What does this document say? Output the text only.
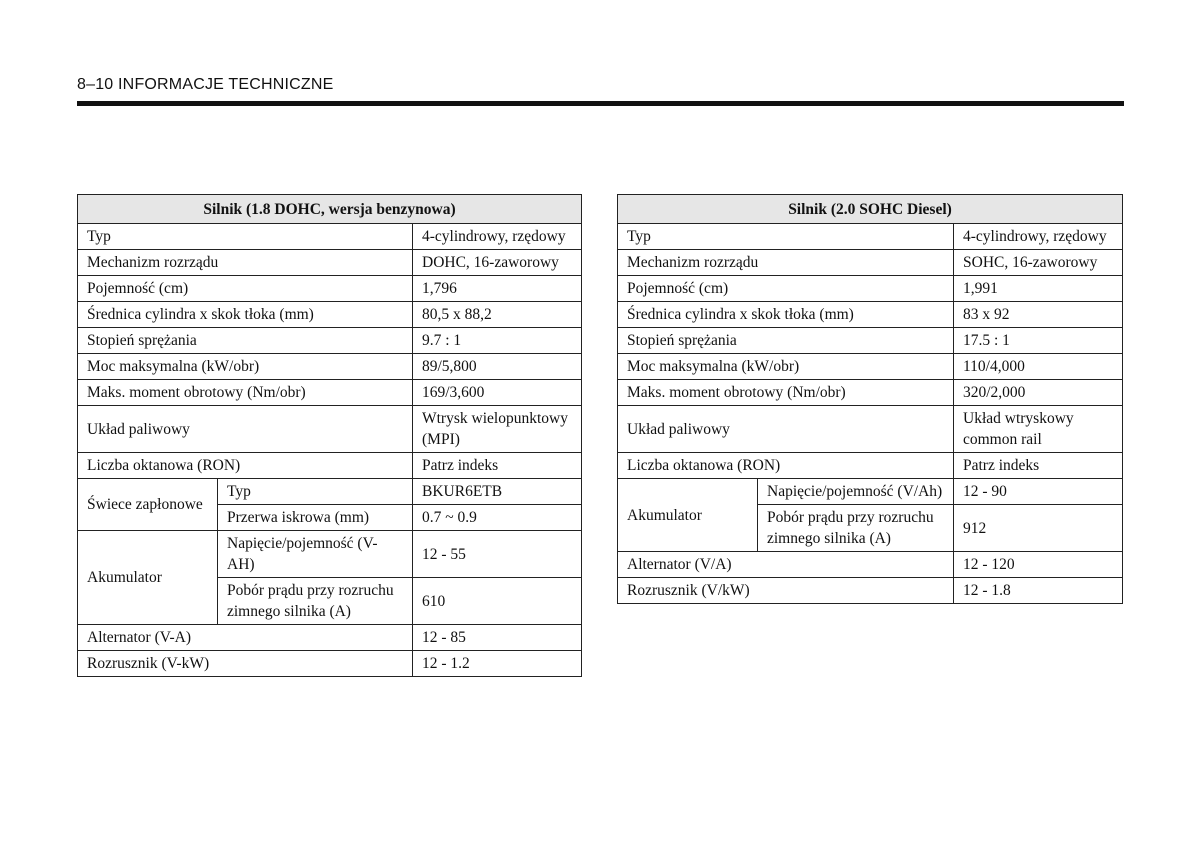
8–10 INFORMACJE TECHNICZNE
Silnik (1.8 DOHC, wersja benzynowa)		
Typ		4-cylindrowy, rzędowy
Mechanizm rozrządu		DOHC, 16-zaworowy
Pojemność (cm)		1,796
Średnica cylindra x skok tłoka (mm)		80,5 x 88,2
Stopień sprężania		9.7 : 1
Moc maksymalna (kW/obr)		89/5,800
Maks. moment obrotowy (Nm/obr)		169/3,600
Układ paliwowy		Wtrysk wielopunktowy
(MPI)

Liczba oktanowa (RON)		Patrz indeks
Świece zapłonowe	Typ	BKUR6ETB
	Przerwa iskrowa (mm)	0.7 ~ 0.9
Akumulator	Napięcie/pojemność (V-AH)	12 - 55

	Pobór prądu przy rozruchu
zimnego silnika (A)	610
Alternator (V-A)		12 - 85
Rozrusznik (V-kW)		12 - 1.2
Silnik (2.0 SOHC Diesel)		
Typ		4-cylindrowy, rzędowy
Mechanizm rozrządu		SOHC, 16-zaworowy
Pojemność (cm)		1,991
Średnica cylindra x skok tłoka (mm)		83 x 92
Stopień sprężania		17.5 : 1
Moc maksymalna (kW/obr)		110/4,000
Maks. moment obrotowy (Nm/obr)		320/2,000
Układ paliwowy		Układ wtryskowy
common rail

Liczba oktanowa (RON)		Patrz indeks
Akumulator	Napięcie/pojemność (V/Ah)	12 - 90

	Pobór prądu przy rozruchu
zimnego silnika (A)	912
Alternator (V/A)		12 - 120
Rozrusznik (V/kW)		12 - 1.8
